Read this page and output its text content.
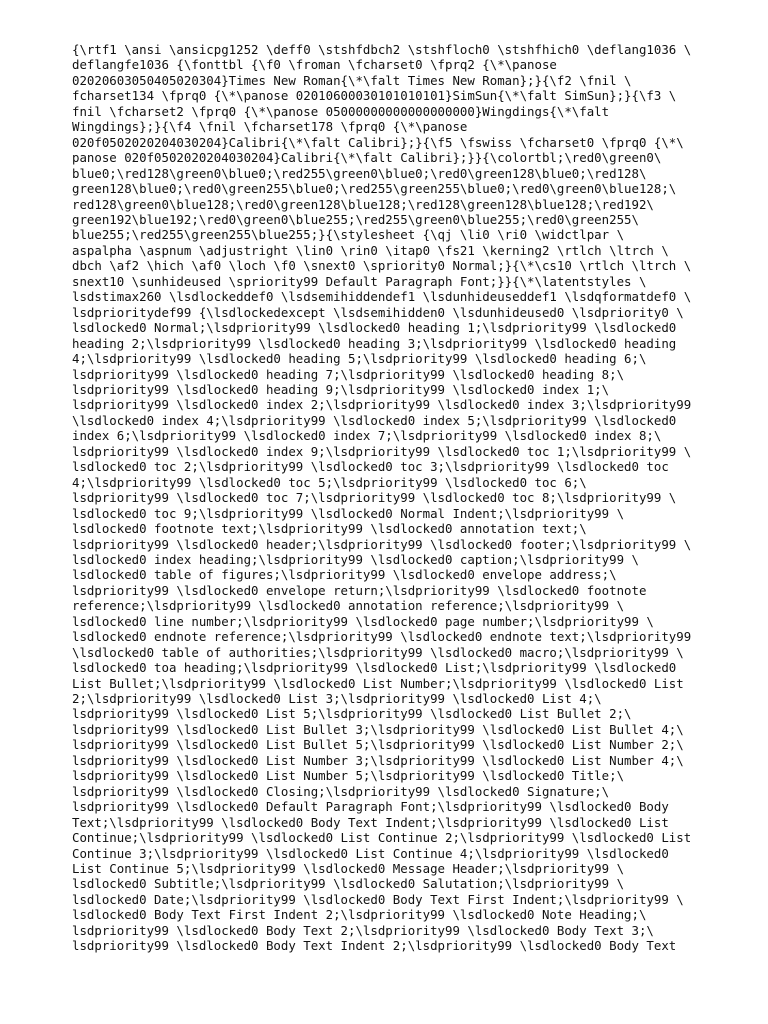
{\rtf1 \ansi \ansicpg1252 \deff0 \stshfdbch2 \stshfloch0 \stshfhich0 \deflang1036 \
deflangfe1036 {\fonttbl {\f0 \froman \fcharset0 \fprq2 {\*\panose
02020603050405020304}Times New Roman{\*\falt Times New Roman};}{\f2 \fnil \
fcharset134 \fprq0 {\*\panose 02010600030101010101}SimSun{\*\falt SimSun};}{\f3 \
fnil \fcharset2 \fprq0 {\*\panose 05000000000000000000}Wingdings{\*\falt
Wingdings};}{\f4 \fnil \fcharset178 \fprq0 {\*\panose
020f0502020204030204}Calibri{\*\falt Calibri};}{\f5 \fswiss \fcharset0 \fprq0 {\*\
panose 020f0502020204030204}Calibri{\*\falt Calibri};}}{\colortbl;\red0\green0\
blue0;\red128\green0\blue0;\red255\green0\blue0;\red0\green128\blue0;\red128\
green128\blue0;\red0\green255\blue0;\red255\green255\blue0;\red0\green0\blue128;\
red128\green0\blue128;\red0\green128\blue128;\red128\green128\blue128;\red192\
green192\blue192;\red0\green0\blue255;\red255\green0\blue255;\red0\green255\
blue255;\red255\green255\blue255;}{\stylesheet {\qj \li0 \ri0 \widctlpar \
aspalpha \aspnum \adjustright \lin0 \rin0 \itap0 \fs21 \kerning2 \rtlch \ltrch \
dbch \af2 \hich \af0 \loch \f0 \snext0 \spriority0 Normal;}{\*\cs10 \rtlch \ltrch \
snext10 \sunhideused \spriority99 Default Paragraph Font;}}{\*\latentstyles \
lsdstimax260 \lsdlockeddef0 \lsdsemihiddendef1 \lsdunhideuseddef1 \lsdqformatdef0 \
lsdprioritydef99 {\lsdlockedexcept \lsdsemihidden0 \lsdunhideused0 \lsdpriority0 \
lsdlocked0 Normal;\lsdpriority99 \lsdlocked0 heading 1;\lsdpriority99 \lsdlocked0
heading 2;\lsdpriority99 \lsdlocked0 heading 3;\lsdpriority99 \lsdlocked0 heading
4;\lsdpriority99 \lsdlocked0 heading 5;\lsdpriority99 \lsdlocked0 heading 6;\
lsdpriority99 \lsdlocked0 heading 7;\lsdpriority99 \lsdlocked0 heading 8;\
lsdpriority99 \lsdlocked0 heading 9;\lsdpriority99 \lsdlocked0 index 1;\
lsdpriority99 \lsdlocked0 index 2;\lsdpriority99 \lsdlocked0 index 3;\lsdpriority99
\lsdlocked0 index 4;\lsdpriority99 \lsdlocked0 index 5;\lsdpriority99 \lsdlocked0
index 6;\lsdpriority99 \lsdlocked0 index 7;\lsdpriority99 \lsdlocked0 index 8;\
lsdpriority99 \lsdlocked0 index 9;\lsdpriority99 \lsdlocked0 toc 1;\lsdpriority99 \
lsdlocked0 toc 2;\lsdpriority99 \lsdlocked0 toc 3;\lsdpriority99 \lsdlocked0 toc
4;\lsdpriority99 \lsdlocked0 toc 5;\lsdpriority99 \lsdlocked0 toc 6;\
lsdpriority99 \lsdlocked0 toc 7;\lsdpriority99 \lsdlocked0 toc 8;\lsdpriority99 \
lsdlocked0 toc 9;\lsdpriority99 \lsdlocked0 Normal Indent;\lsdpriority99 \
lsdlocked0 footnote text;\lsdpriority99 \lsdlocked0 annotation text;\
lsdpriority99 \lsdlocked0 header;\lsdpriority99 \lsdlocked0 footer;\lsdpriority99 \
lsdlocked0 index heading;\lsdpriority99 \lsdlocked0 caption;\lsdpriority99 \
lsdlocked0 table of figures;\lsdpriority99 \lsdlocked0 envelope address;\
lsdpriority99 \lsdlocked0 envelope return;\lsdpriority99 \lsdlocked0 footnote
reference;\lsdpriority99 \lsdlocked0 annotation reference;\lsdpriority99 \
lsdlocked0 line number;\lsdpriority99 \lsdlocked0 page number;\lsdpriority99 \
lsdlocked0 endnote reference;\lsdpriority99 \lsdlocked0 endnote text;\lsdpriority99
\lsdlocked0 table of authorities;\lsdpriority99 \lsdlocked0 macro;\lsdpriority99 \
lsdlocked0 toa heading;\lsdpriority99 \lsdlocked0 List;\lsdpriority99 \lsdlocked0
List Bullet;\lsdpriority99 \lsdlocked0 List Number;\lsdpriority99 \lsdlocked0 List
2;\lsdpriority99 \lsdlocked0 List 3;\lsdpriority99 \lsdlocked0 List 4;\
lsdpriority99 \lsdlocked0 List 5;\lsdpriority99 \lsdlocked0 List Bullet 2;\
lsdpriority99 \lsdlocked0 List Bullet 3;\lsdpriority99 \lsdlocked0 List Bullet 4;\
lsdpriority99 \lsdlocked0 List Bullet 5;\lsdpriority99 \lsdlocked0 List Number 2;\
lsdpriority99 \lsdlocked0 List Number 3;\lsdpriority99 \lsdlocked0 List Number 4;\
lsdpriority99 \lsdlocked0 List Number 5;\lsdpriority99 \lsdlocked0 Title;\
lsdpriority99 \lsdlocked0 Closing;\lsdpriority99 \lsdlocked0 Signature;\
lsdpriority99 \lsdlocked0 Default Paragraph Font;\lsdpriority99 \lsdlocked0 Body
Text;\lsdpriority99 \lsdlocked0 Body Text Indent;\lsdpriority99 \lsdlocked0 List
Continue;\lsdpriority99 \lsdlocked0 List Continue 2;\lsdpriority99 \lsdlocked0 List
Continue 3;\lsdpriority99 \lsdlocked0 List Continue 4;\lsdpriority99 \lsdlocked0
List Continue 5;\lsdpriority99 \lsdlocked0 Message Header;\lsdpriority99 \
lsdlocked0 Subtitle;\lsdpriority99 \lsdlocked0 Salutation;\lsdpriority99 \
lsdlocked0 Date;\lsdpriority99 \lsdlocked0 Body Text First Indent;\lsdpriority99 \
lsdlocked0 Body Text First Indent 2;\lsdpriority99 \lsdlocked0 Note Heading;\
lsdpriority99 \lsdlocked0 Body Text 2;\lsdpriority99 \lsdlocked0 Body Text 3;\
lsdpriority99 \lsdlocked0 Body Text Indent 2;\lsdpriority99 \lsdlocked0 Body Text
